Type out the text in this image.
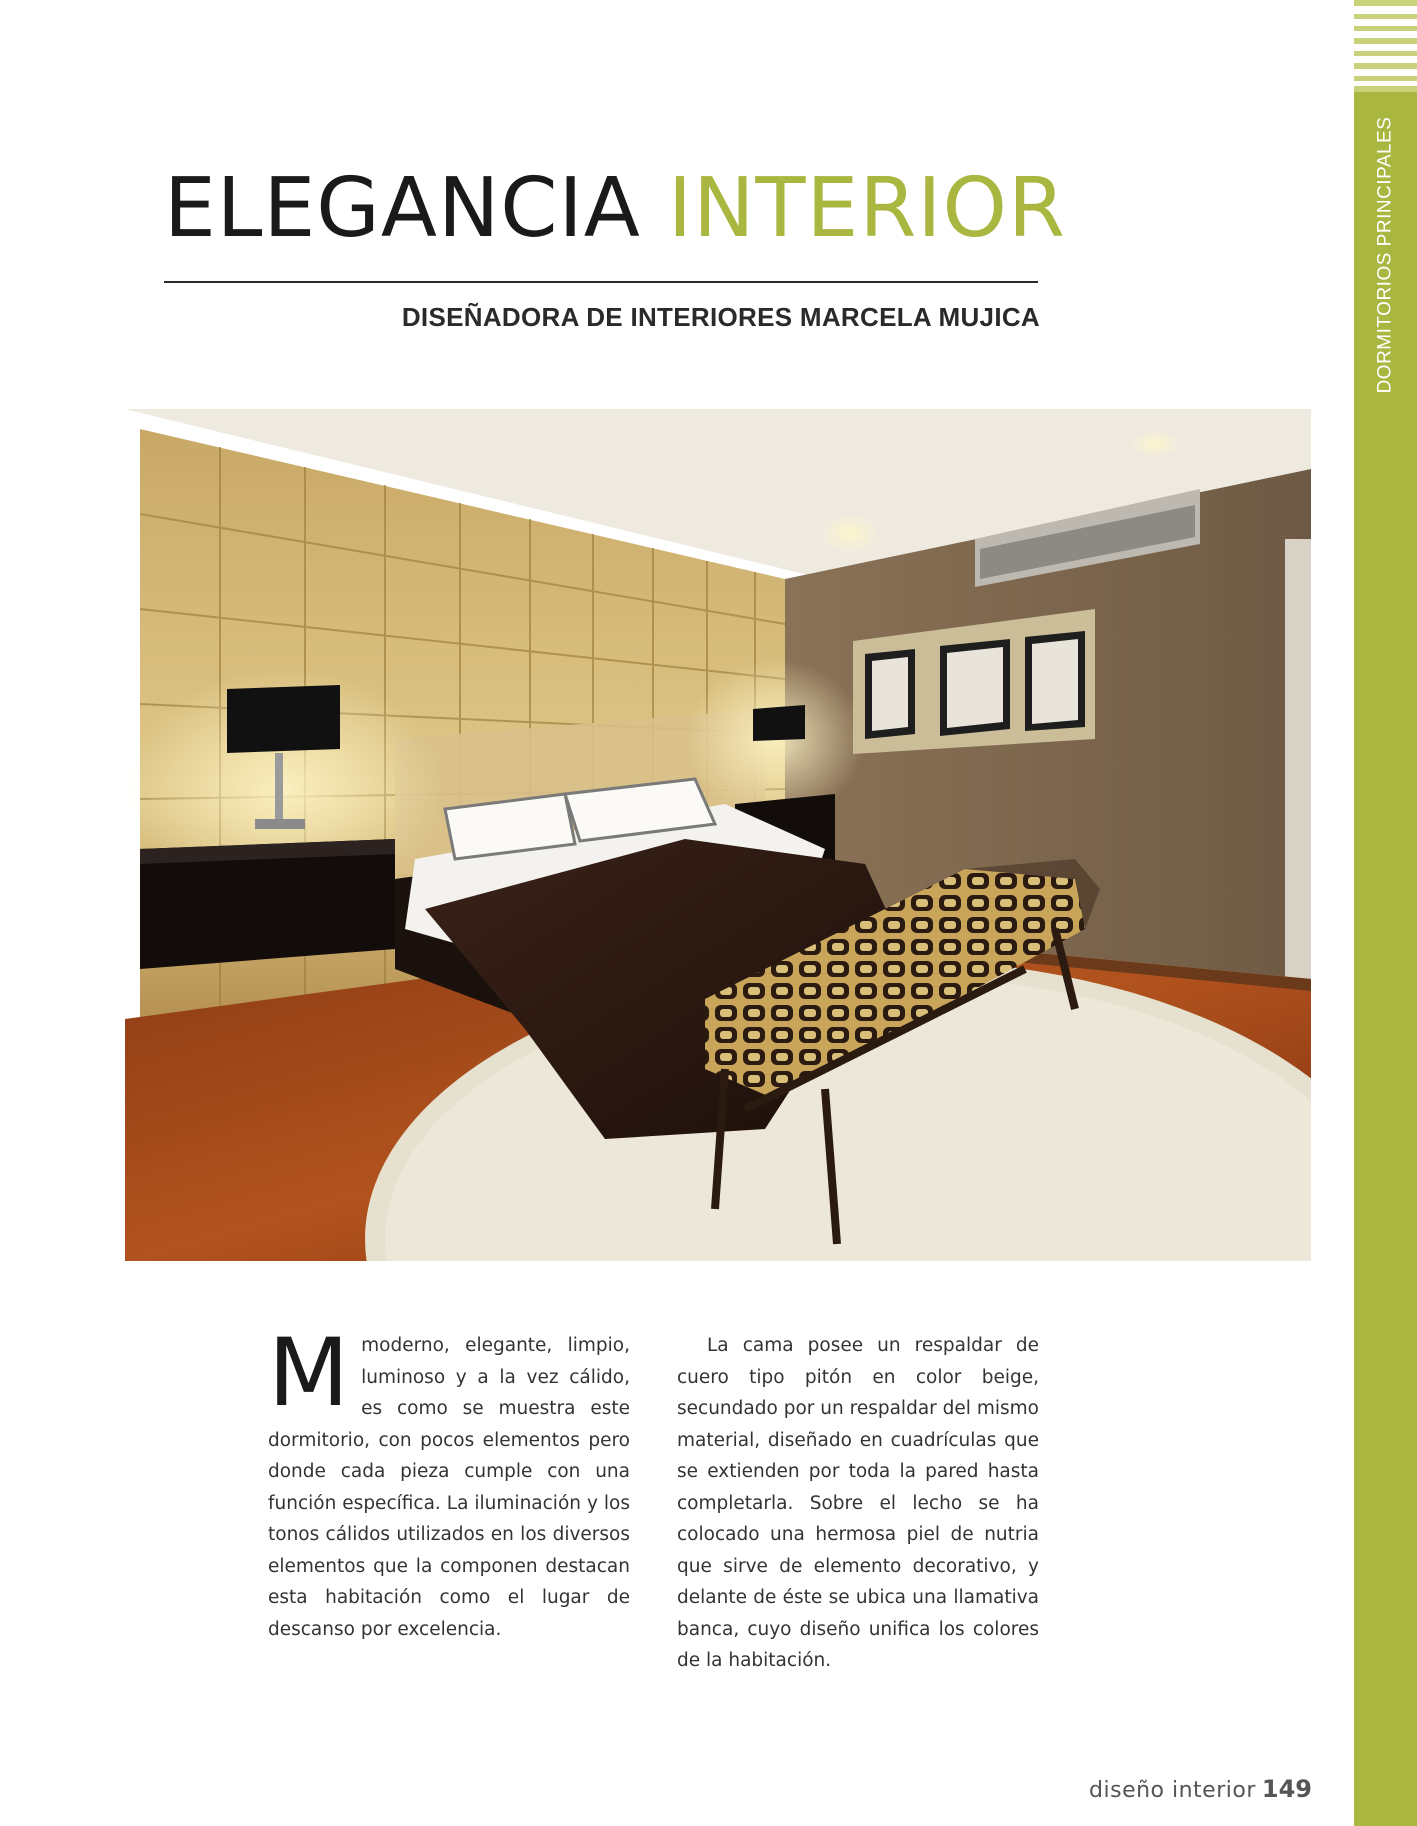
DORMITORIOS PRINCIPALES
ELEGANCIA INTERIOR
DISEÑADORA DE INTERIORES MARCELA MUJICA
Mmoderno, elegante, limpio, luminoso y a la vez cálido, es como se muestra este dormitorio, con pocos elementos pero donde cada pieza cumple con una función específica. La iluminación y los tonos cálidos utilizados en los diversos elementos que la componen destacan esta habitación como el lugar de descanso por excelencia.
La cama posee un respaldar de cuero tipo pitón en color beige, secundado por un respaldar del mismo material, diseñado en cuadrículas que se extienden por toda la pared hasta completarla. Sobre el lecho se ha colocado una hermosa piel de nutria que sirve de elemento decorativo, y delante de éste se ubica una llamativa banca, cuyo diseño unifica los colores de la habitación.
diseño interior 149
